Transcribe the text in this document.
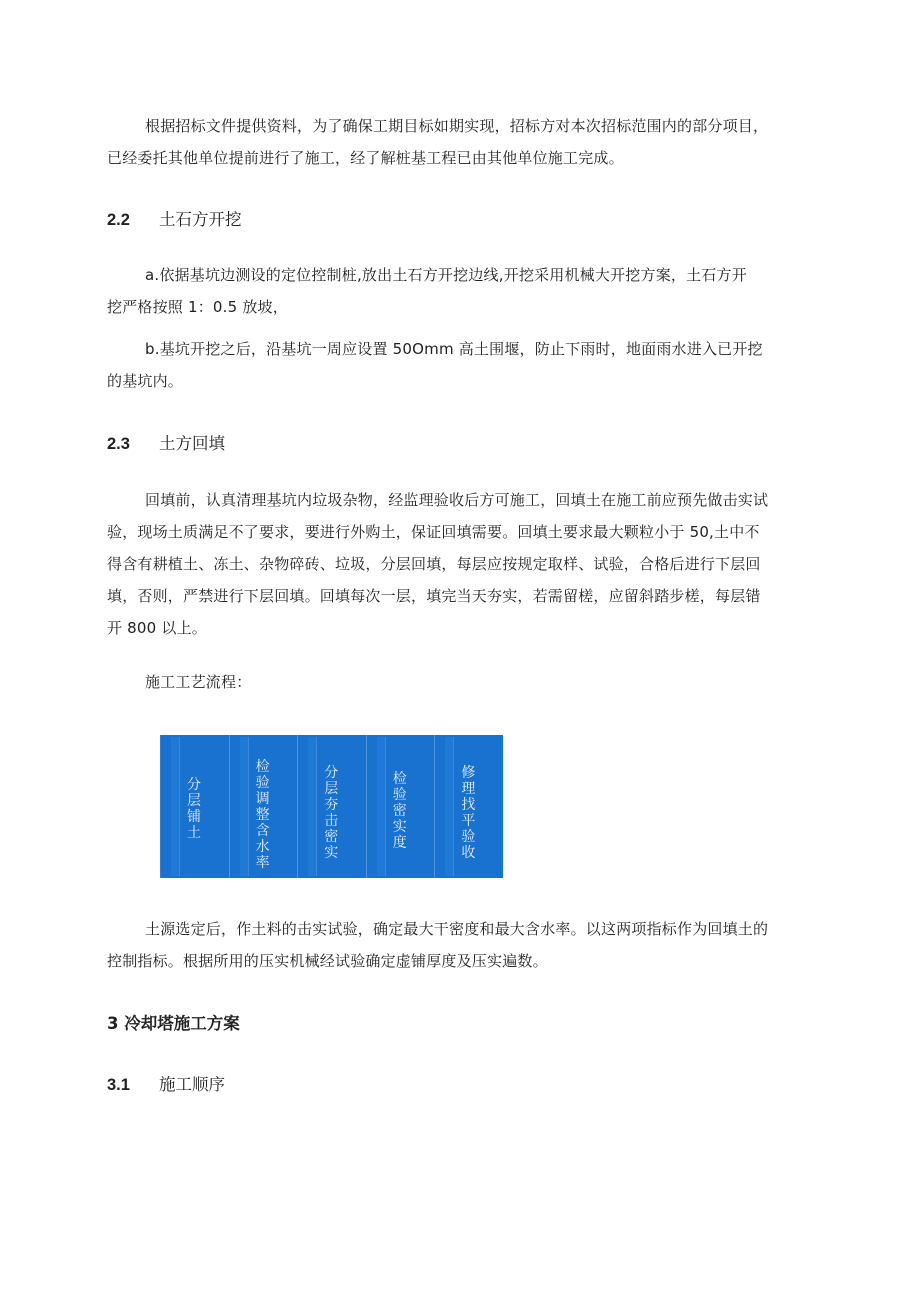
根据招标文件提供资料，为了确保工期目标如期实现，招标方对本次招标范围内的部分项目，
已经委托其他单位提前进行了施工，经了解桩基工程已由其他单位施工完成。
2.2 土石方开挖
a.依据基坑边测设的定位控制桩,放出土石方开挖边线,开挖采用机械大开挖方案，土石方开
挖严格按照 1：0.5 放坡，
b.基坑开挖之后，沿基坑一周应设置 50Omm 高土围堰，防止下雨时，地面雨水进入已开挖
的基坑内。
2.3 土方回填
回填前，认真清理基坑内垃圾杂物，经监理验收后方可施工，回填土在施工前应预先做击实试
验，现场土质满足不了要求，要进行外购土，保证回填需要。回填土要求最大颗粒小于 50,土中不
得含有耕植土、冻土、杂物碎砖、垃圾，分层回填，每层应按规定取样、试验，合格后进行下层回
填，否则，严禁进行下层回填。回填每次一层，填完当天夯实，若需留槎，应留斜踏步槎，每层错
开 800 以上。
施工工艺流程：
分层铺土
检验调整含水率
分层夯击密实
检验密实度
修理找平验收
土源选定后，作土料的击实试验，确定最大干密度和最大含水率。以这两项指标作为回填土的
控制指标。根据所用的压实机械经试验确定虚铺厚度及压实遍数。
3 冷却塔施工方案
3.1 施工顺序
